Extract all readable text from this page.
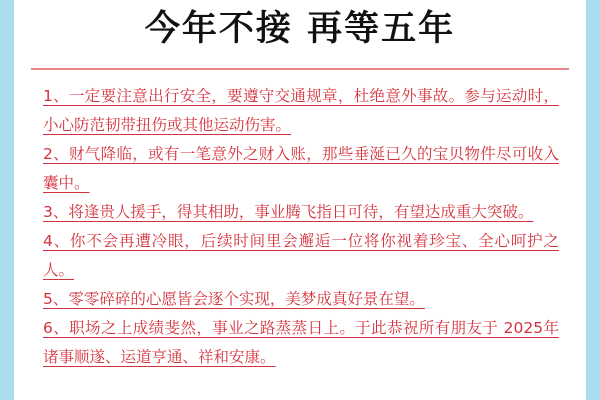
今年不接 再等五年

1、一定要注意出行安全，要遵守交通规章，杜绝意外事故。参与运动时，小心防范韧带扭伤或其他运动伤害。

2、财气降临，或有一笔意外之财入账，那些垂涎已久的宝贝物件尽可收入囊中。

3、将逢贵人援手，得其相助，事业腾飞指日可待，有望达成重大突破。

4、你不会再遭冷眼，后续时间里会邂逅一位将你视着珍宝、全心呵护之人。

5、零零碎碎的心愿皆会逐个实现，美梦成真好景在望。

6、职场之上成绩斐然，事业之路蒸蒸日上。于此恭祝所有朋友于 2025年诸事顺遂、运道亨通、祥和安康。
